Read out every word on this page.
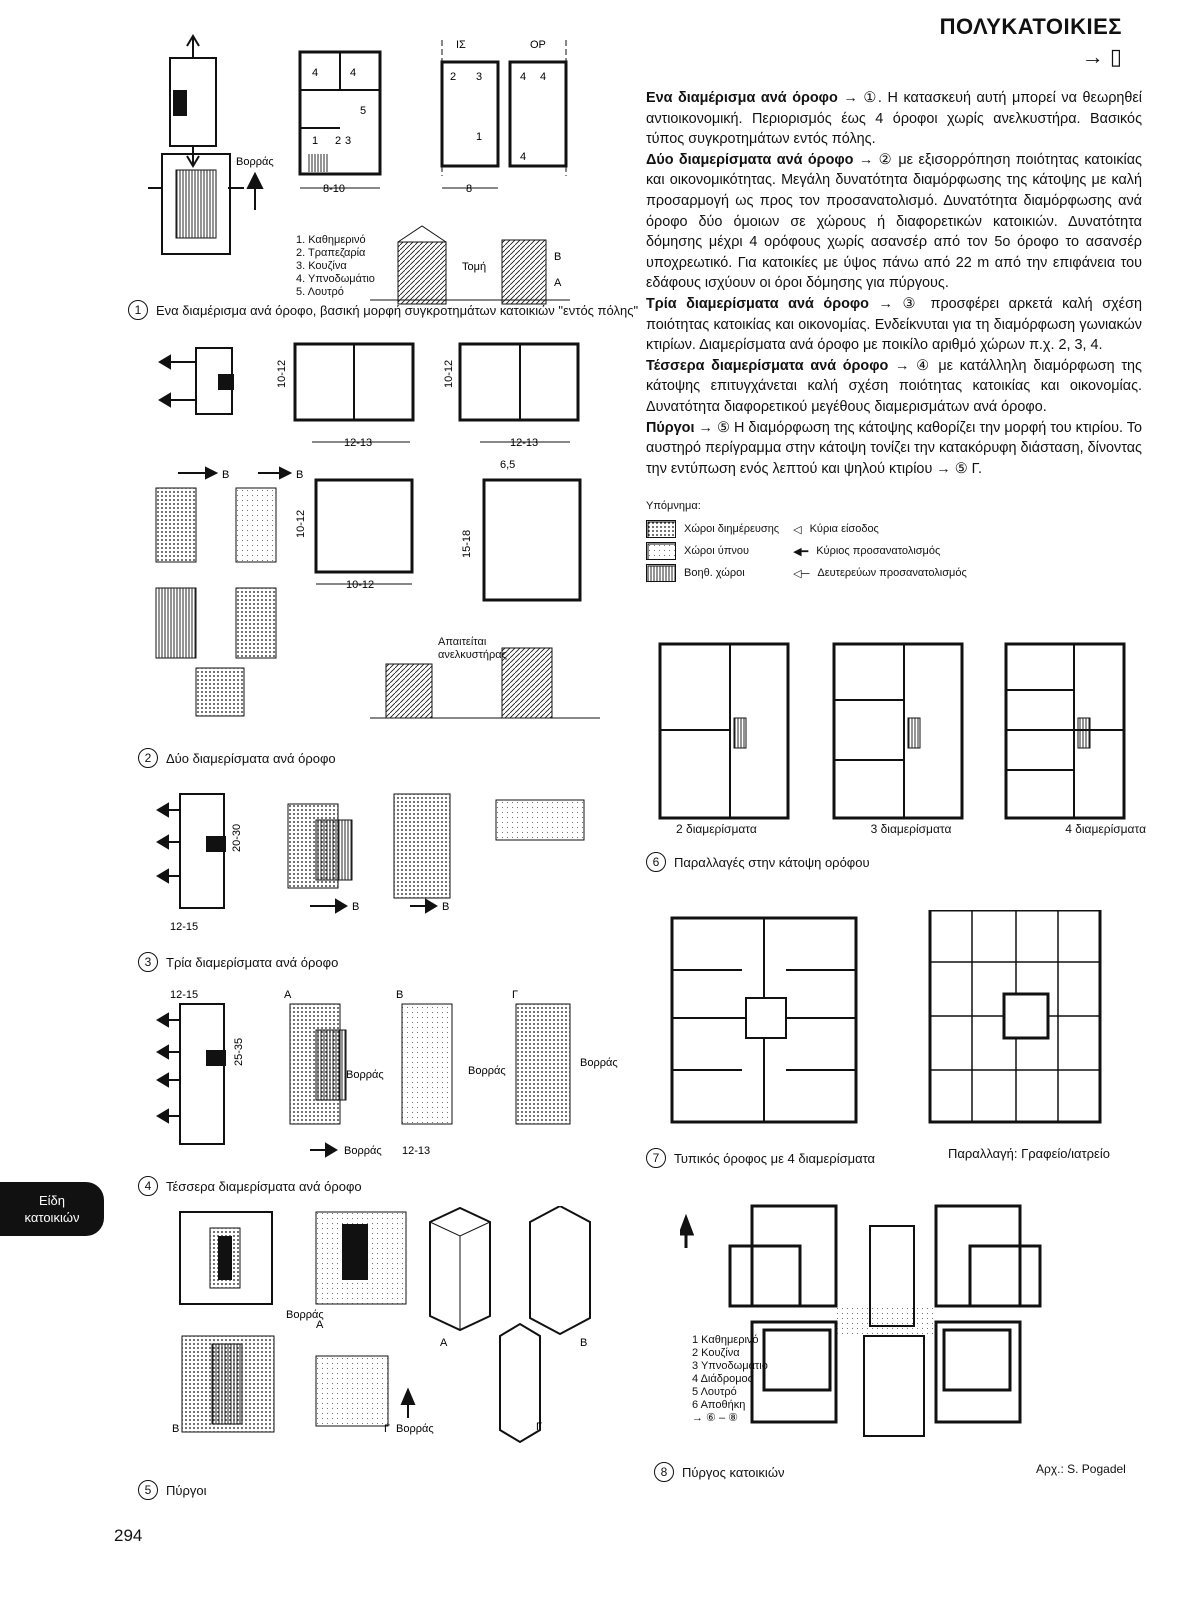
ΠΟΛΥΚΑΤΟΙΚΙΕΣ
→ ▯

Ενα διαμέρισμα ανά όροφο → ①. Η κατασκευή αυτή μπορεί να θεωρηθεί αντιοικονομική. Περιορισμός έως 4 όροφοι χωρίς ανελκυστήρα. Βασικός τύπος συγκροτημάτων εντός πόλης.

Δύο διαμερίσματα ανά όροφο → ② με εξισορρόπηση ποιότητας κατοικίας και οικονομικότητας. Μεγάλη δυνατότητα διαμόρφωσης της κάτοψης με καλή προσαρμογή ως προς τον προσανατολισμό. Δυνατότητα διαμόρφωσης ανά όροφο δύο όμοιων σε χώρους ή διαφορετικών κατοικιών. Δυνατότητα δόμησης μέχρι 4 ορόφους χωρίς ασανσέρ από τον 5ο όροφο το ασανσέρ υποχρεωτικό. Για κατοικίες με ύψος πάνω από 22 m από την επιφάνεια του εδάφους ισχύουν οι όροι δόμησης για πύργους.

Τρία διαμερίσματα ανά όροφο → ③ προσφέρει αρκετά καλή σχέση ποιότητας κατοικίας και οικονομίας. Ενδείκνυται για τη διαμόρφωση γωνιακών κτιρίων. Διαμερίσματα ανά όροφο με ποικίλο αριθμό χώρων π.χ. 2, 3, 4.

Τέσσερα διαμερίσματα ανά όροφο → ④ με κατάλληλη διαμόρφωση της κάτοψης επιτυγχάνεται καλή σχέση ποιότητας κατοικίας και οικονομίας. Δυνατότητα διαφορετικού μεγέθους διαμερισμάτων ανά όροφο.

Πύργοι → ⑤ Η διαμόρφωση της κάτοψης καθορίζει την μορφή του κτιρίου. Το αυστηρό περίγραμμα στην κάτοψη τονίζει την κατακόρυφη διάσταση, δίνοντας την εντύπωση ενός λεπτού και ψηλού κτιρίου → ⑤ Γ.

Υπόμνημα:
Χώροι διημέρευσης
Χώροι ύπνου
Βοηθ. χώροι
◁ Κύρια είσοδος
◀━ Κύριος προσανατολισμός
◁─ Δευτερεύων προσανατολισμός
Βορράς
4	4
1 2 3
5
ΙΣ	ΟΡ
2 3	4 4
1
4
8-10	8
Τομή
B
A
1. Καθημερινό
2. Τραπεζαρία
3. Κουζίνα
4. Υπνοδωμάτιο
5. Λουτρό
1	Ενα διαμέρισμα ανά όροφο, βασική μορφή συγκροτημάτων κατοικιών "εντός πόλης"
10-12	10-12
12-13	12-13
B	B
10-12
15-18
10-12
6,5
Απαιτείται
ανελκυστήρας
2	Δύο διαμερίσματα ανά όροφο
20-30
12-15
B	B
3	Τρία διαμερίσματα ανά όροφο
12-15
25-35
A	B	Γ
Βορράς	Βορράς
Βορράς
Βορράς 12-13
4	Τέσσερα διαμερίσματα ανά όροφο
A
A
B
B	Γ	Γ
Βορράς
Βορράς
5	Πύργοι
2 διαμερίσματα	3 διαμερίσματα	4 διαμερίσματα
6	Παραλλαγές στην κάτοψη ορόφου
7	Τυπικός όροφος με 4 διαμερίσματα	Παραλλαγή: Γραφείο/ιατρείο
1 Καθημερινό
2 Κουζίνα
3 Υπνοδωμάτιο
4 Διάδρομος
5 Λουτρό
6 Αποθήκη
→ ⑥ – ⑧
8	Πύργος κατοικιών	Αρχ.: S. Pogadel
Είδη
κατοικιών
294
